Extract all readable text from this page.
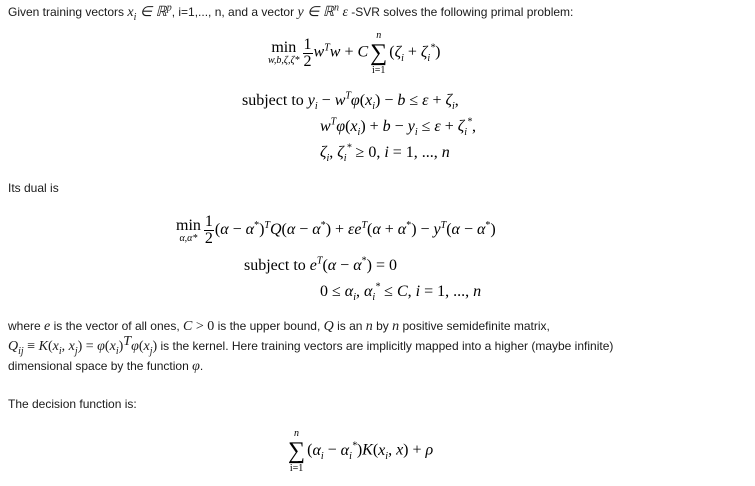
Given training vectors $x_i$ ∈ ℝ$^p$, i=1,..., n, and a vector y ∈ ℝ$^n$ ε -SVR solves the following primal problem:
min
$w,b,\zeta,\zeta* \frac{1}{2} w^Tw + C$
n
∑
i=1
$(\zeta_i + \zeta_i^*)$
subject to $y_i - w^T\varphi(x_i) - b \le \varepsilon + \zeta_i$,
$w^T\varphi(x_i) + b - y_i \le \varepsilon + \zeta_i^*$,
$\zeta_i$, $\zeta_i^* \ge 0$, i = 1, ..., n
Its dual is
min
$\alpha,\alpha* \frac{1}{2} (\alpha - \alpha^*)^TQ(\alpha - \alpha^*) + \varepsilon e^T(\alpha + \alpha^*) - y^T(\alpha - \alpha^*)$
subject to $e^T(\alpha - \alpha^*) = 0$
$0 \le \alpha_i$, $\alpha_i^* \le C$, i = 1, ..., n
where e is the vector of all ones, C > 0 is the upper bound, Q is an n by n positive semidefinite matrix,
$Q_{ij} \equiv K(x_i$, $x_j) = \varphi(x_i)^T\varphi(x_j)$ is the kernel. Here training vectors are implicitly mapped into a higher (maybe infinite)
dimensional space by the function φ.
The decision function is:
n
∑
i=1
$(\alpha_i - \alpha_i^*)K(x_i$, x) + ρ
